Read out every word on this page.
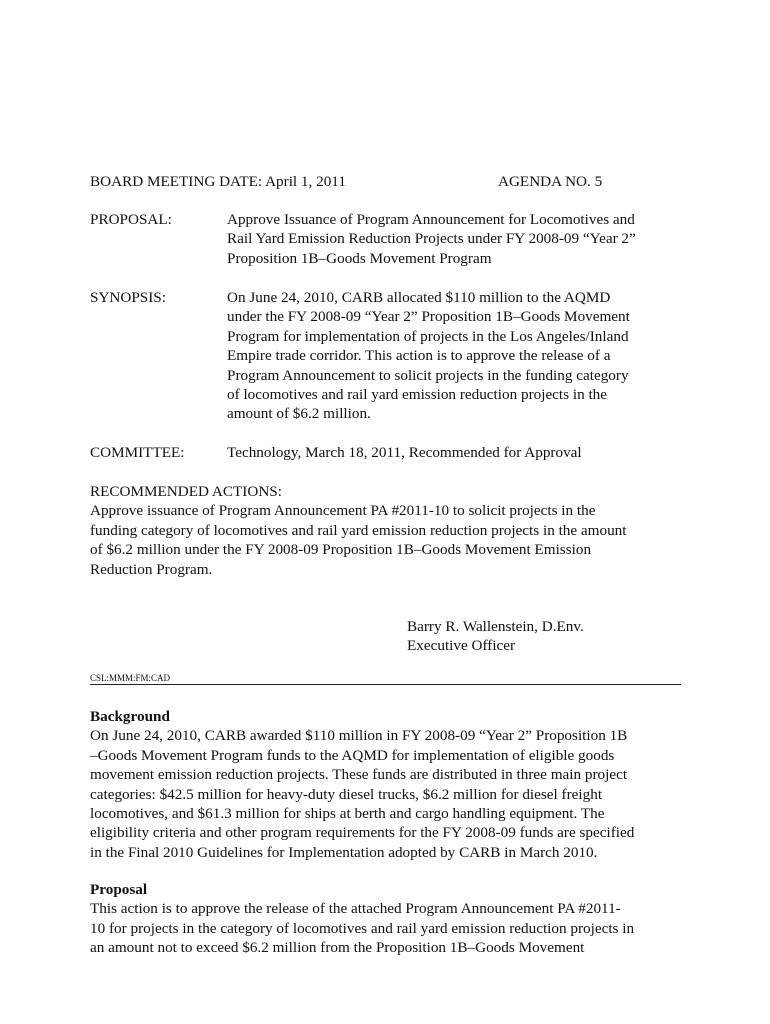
BOARD MEETING DATE: April 1, 2011	AGENDA NO. 5
PROPOSAL:	Approve Issuance of Program Announcement for Locomotives and
Rail Yard Emission Reduction Projects under FY 2008-09 “Year 2”
Proposition 1B–Goods Movement Program
SYNOPSIS:	On June 24, 2010, CARB allocated $110 million to the AQMD
under the FY 2008-09 “Year 2” Proposition 1B–Goods Movement
Program for implementation of projects in the Los Angeles/Inland
Empire trade corridor. This action is to approve the release of a
Program Announcement to solicit projects in the funding category
of locomotives and rail yard emission reduction projects in the
amount of $6.2 million.
COMMITTEE:	Technology, March 18, 2011, Recommended for Approval
RECOMMENDED ACTIONS:
Approve issuance of Program Announcement PA #2011-10 to solicit projects in the
funding category of locomotives and rail yard emission reduction projects in the amount
of $6.2 million under the FY 2008-09 Proposition 1B–Goods Movement Emission
Reduction Program.
Barry R. Wallenstein, D.Env.
Executive Officer
CSL:MMM:FM:CAD
Background
On June 24, 2010, CARB awarded $110 million in FY 2008-09 “Year 2” Proposition 1B
–Goods Movement Program funds to the AQMD for implementation of eligible goods
movement emission reduction projects. These funds are distributed in three main project
categories: $42.5 million for heavy-duty diesel trucks, $6.2 million for diesel freight
locomotives, and $61.3 million for ships at berth and cargo handling equipment. The
eligibility criteria and other program requirements for the FY 2008-09 funds are specified
in the Final 2010 Guidelines for Implementation adopted by CARB in March 2010.
Proposal
This action is to approve the release of the attached Program Announcement PA #2011-
10 for projects in the category of locomotives and rail yard emission reduction projects in
an amount not to exceed $6.2 million from the Proposition 1B–Goods Movement
